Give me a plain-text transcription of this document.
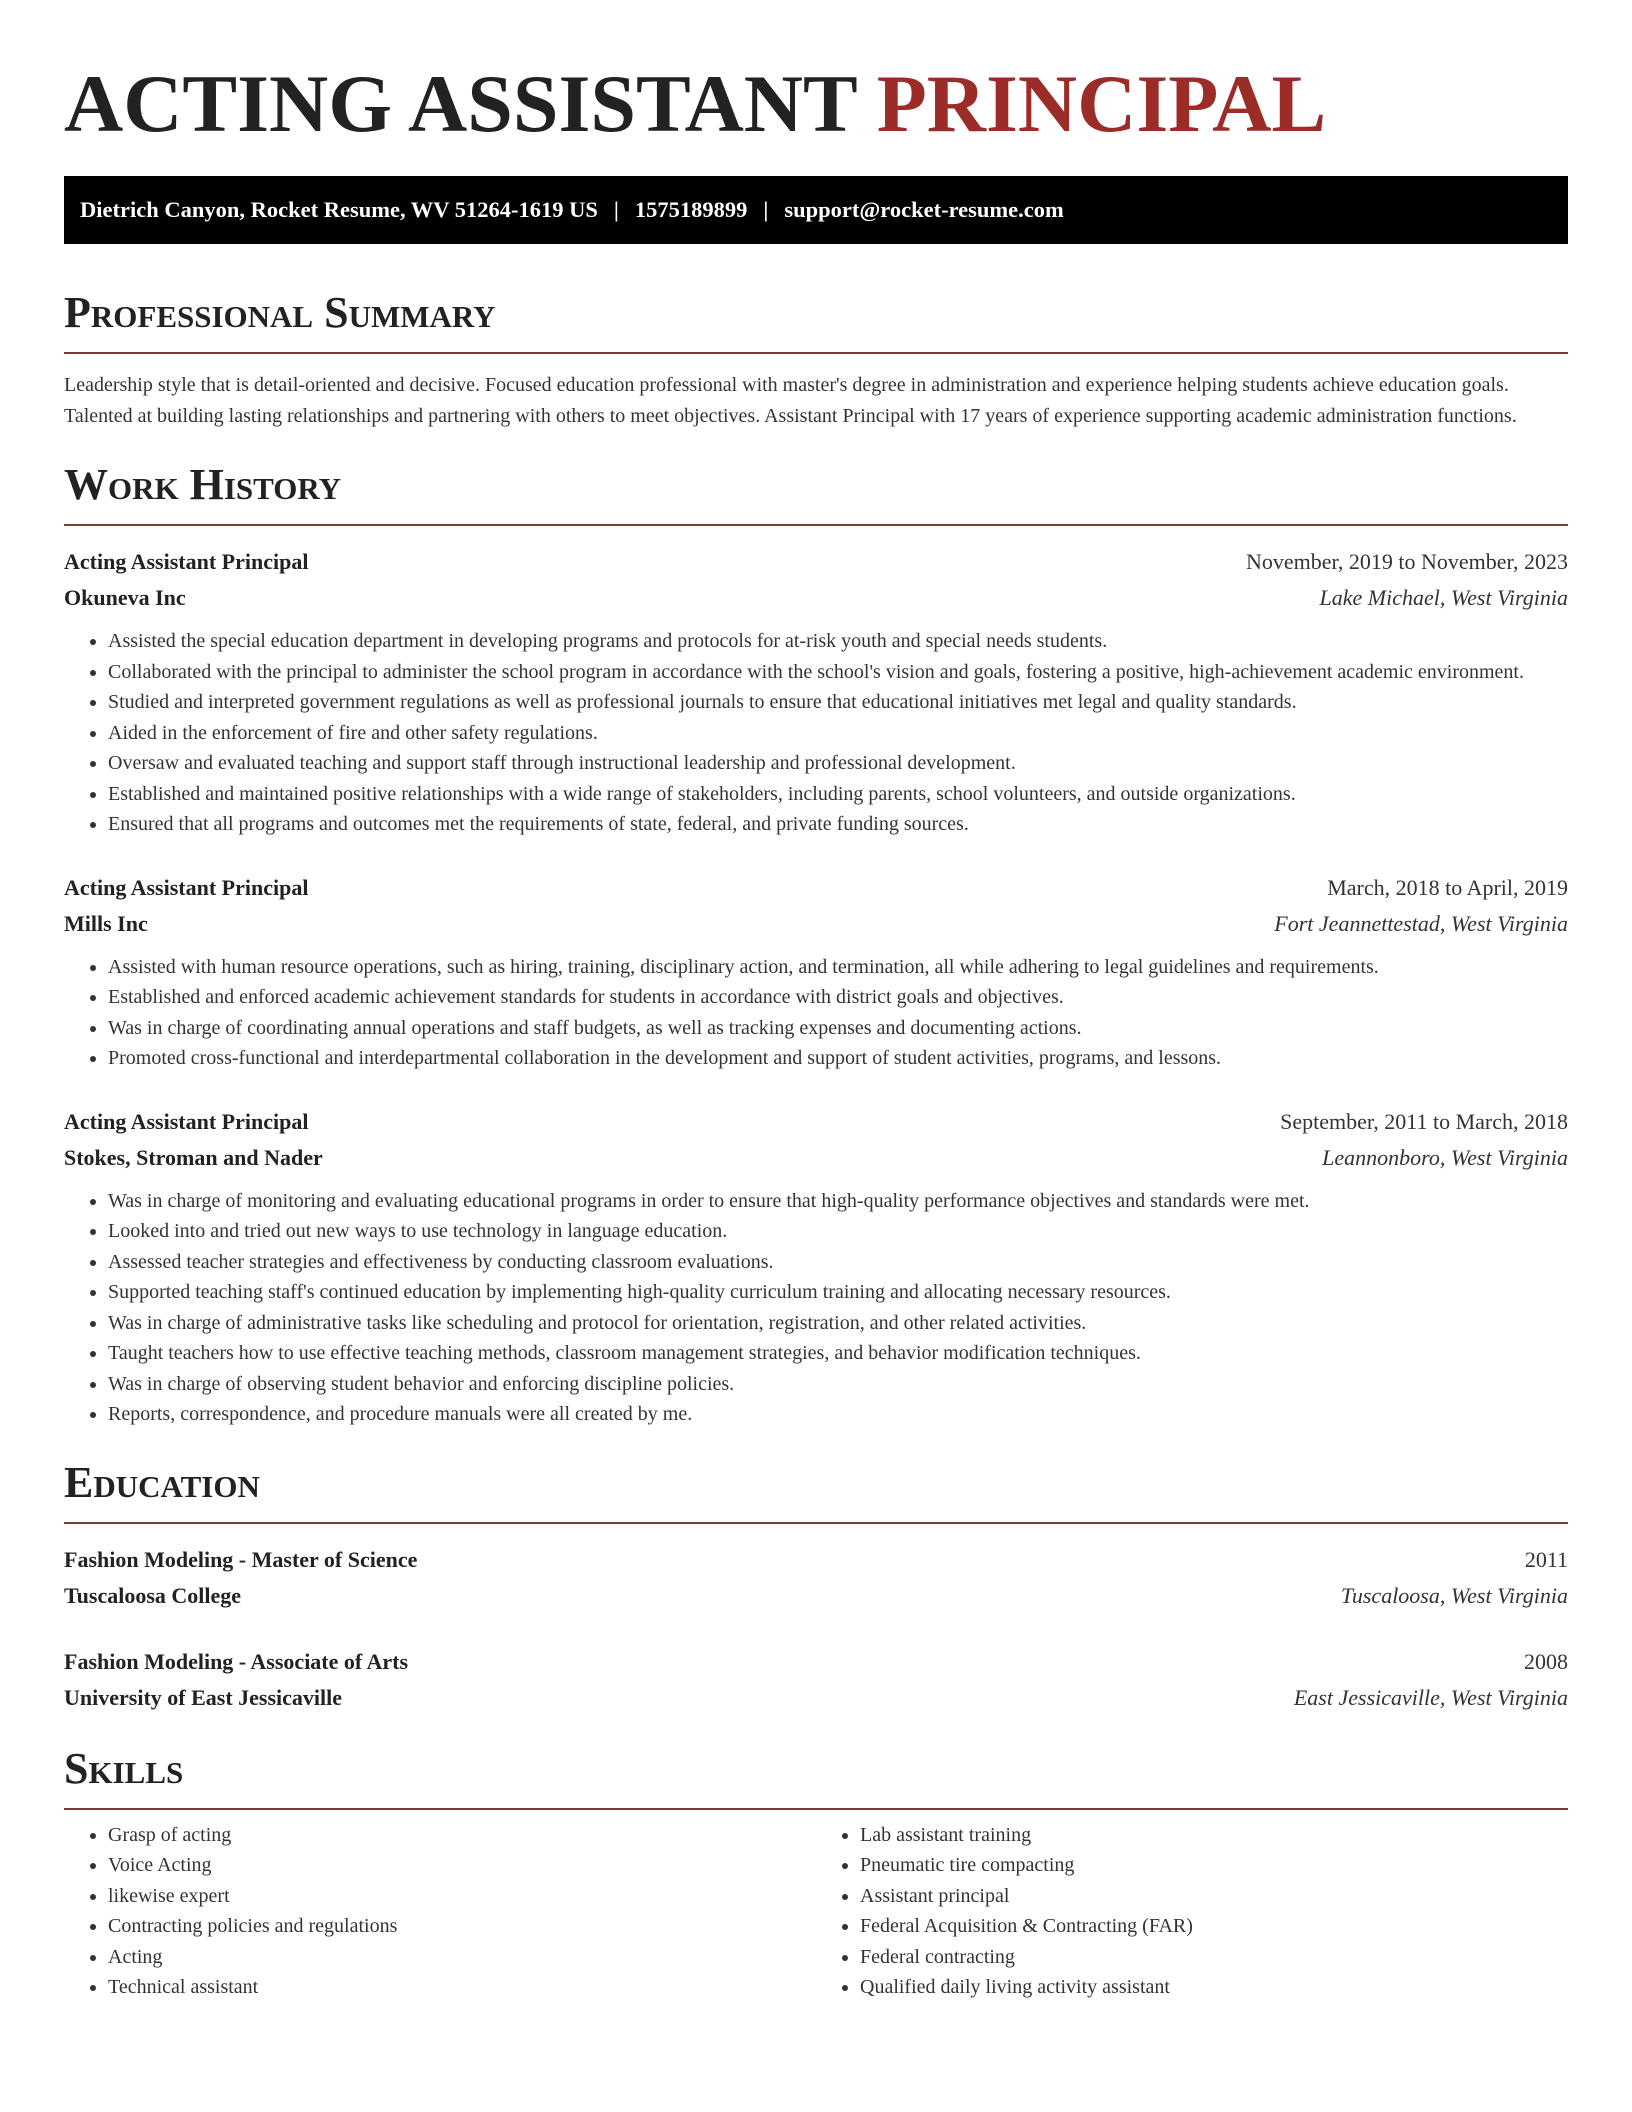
ACTING ASSISTANT PRINCIPAL
Dietrich Canyon, Rocket Resume, WV 51264-1619 US | 1575189899 | support@rocket-resume.com
Professional Summary

Leadership style that is detail-oriented and decisive. Focused education professional with master's degree in administration and experience helping students achieve education goals. Talented at building lasting relationships and partnering with others to meet objectives. Assistant Principal with 17 years of experience supporting academic administration functions.

Work History
Acting Assistant Principal	November, 2019 to November, 2023
Okuneva Inc	Lake Michael, West Virginia
• Assisted the special education department in developing programs and protocols for at-risk youth and special needs students.
• Collaborated with the principal to administer the school program in accordance with the school's vision and goals, fostering a positive, high-achievement academic environment.
• Studied and interpreted government regulations as well as professional journals to ensure that educational initiatives met legal and quality standards.
• Aided in the enforcement of fire and other safety regulations.
• Oversaw and evaluated teaching and support staff through instructional leadership and professional development.
• Established and maintained positive relationships with a wide range of stakeholders, including parents, school volunteers, and outside organizations.
• Ensured that all programs and outcomes met the requirements of state, federal, and private funding sources.
Acting Assistant Principal	March, 2018 to April, 2019
Mills Inc	Fort Jeannettestad, West Virginia
• Assisted with human resource operations, such as hiring, training, disciplinary action, and termination, all while adhering to legal guidelines and requirements.
• Established and enforced academic achievement standards for students in accordance with district goals and objectives.
• Was in charge of coordinating annual operations and staff budgets, as well as tracking expenses and documenting actions.
• Promoted cross-functional and interdepartmental collaboration in the development and support of student activities, programs, and lessons.
Acting Assistant Principal	September, 2011 to March, 2018
Stokes, Stroman and Nader	Leannonboro, West Virginia
• Was in charge of monitoring and evaluating educational programs in order to ensure that high-quality performance objectives and standards were met.
• Looked into and tried out new ways to use technology in language education.
• Assessed teacher strategies and effectiveness by conducting classroom evaluations.
• Supported teaching staff's continued education by implementing high-quality curriculum training and allocating necessary resources.
• Was in charge of administrative tasks like scheduling and protocol for orientation, registration, and other related activities.
• Taught teachers how to use effective teaching methods, classroom management strategies, and behavior modification techniques.
• Was in charge of observing student behavior and enforcing discipline policies.
• Reports, correspondence, and procedure manuals were all created by me.
Education
Fashion Modeling - Master of Science	2011
Tuscaloosa College	Tuscaloosa, West Virginia
Fashion Modeling - Associate of Arts	2008
University of East Jessicaville	East Jessicaville, West Virginia
Skills
• Grasp of acting
• Voice Acting
• likewise expert
• Contracting policies and regulations
• Acting
• Technical assistant
• Lab assistant training
• Pneumatic tire compacting
• Assistant principal
• Federal Acquisition & Contracting (FAR)
• Federal contracting
• Qualified daily living activity assistant
